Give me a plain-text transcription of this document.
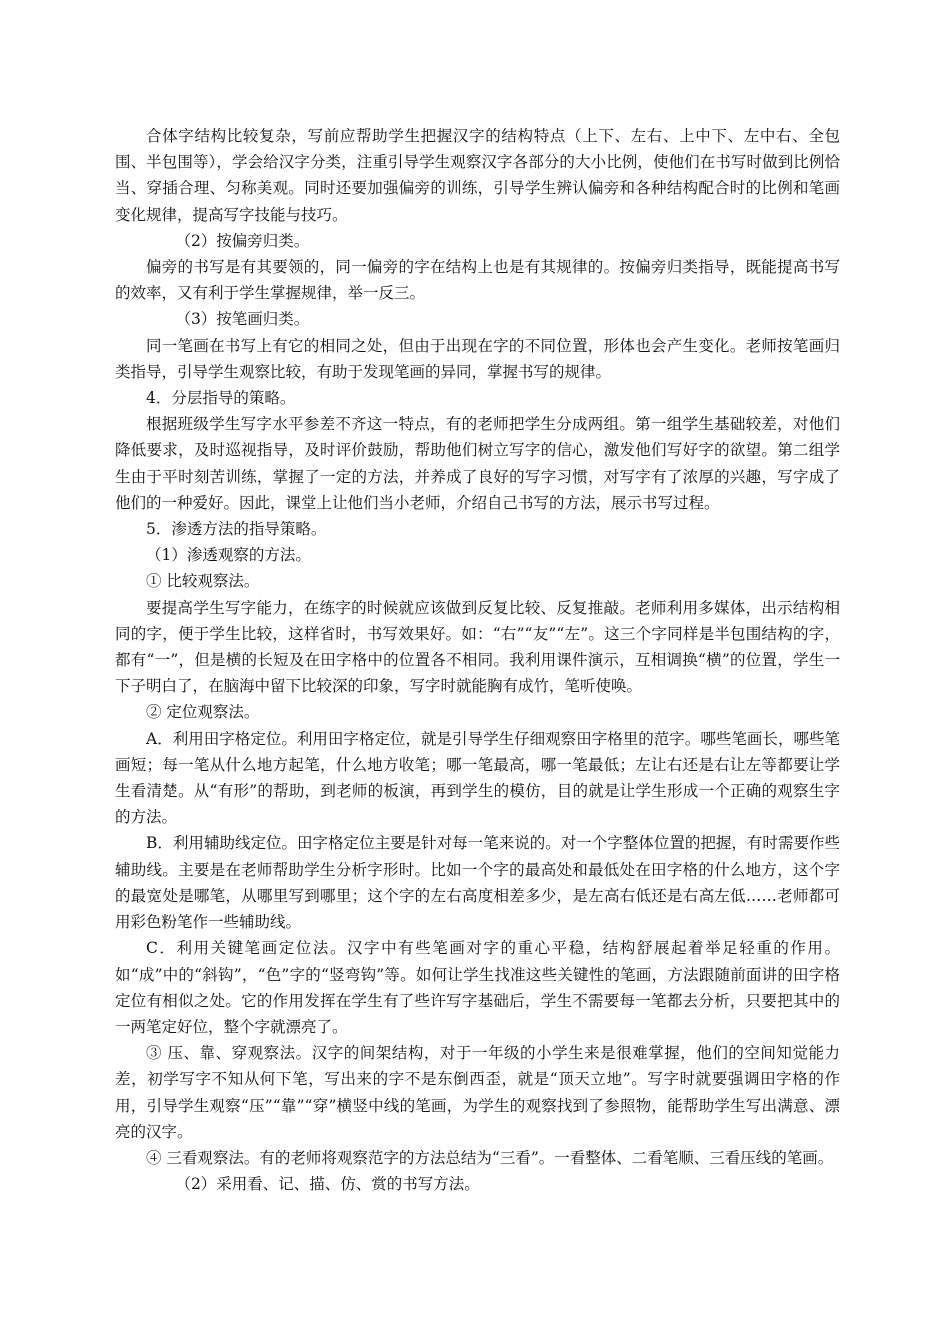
合体字结构比较复杂，写前应帮助学生把握汉字的结构特点（上下、左右、上中下、左中右、全包围、半包围等），学会给汉字分类，注重引导学生观察汉字各部分的大小比例，使他们在书写时做到比例恰当、穿插合理、匀称美观。同时还要加强偏旁的训练，引导学生辨认偏旁和各种结构配合时的比例和笔画变化规律，提高写字技能与技巧。

（2）按偏旁归类。

偏旁的书写是有其要领的，同一偏旁的字在结构上也是有其规律的。按偏旁归类指导，既能提高书写的效率，又有利于学生掌握规律，举一反三。

（3）按笔画归类。

同一笔画在书写上有它的相同之处，但由于出现在字的不同位置，形体也会产生变化。老师按笔画归类指导，引导学生观察比较，有助于发现笔画的异同，掌握书写的规律。

4．分层指导的策略。

根据班级学生写字水平参差不齐这一特点，有的老师把学生分成两组。第一组学生基础较差，对他们降低要求，及时巡视指导，及时评价鼓励，帮助他们树立写字的信心，激发他们写好字的欲望。第二组学生由于平时刻苦训练，掌握了一定的方法，并养成了良好的写字习惯，对写字有了浓厚的兴趣，写字成了他们的一种爱好。因此，课堂上让他们当小老师，介绍自己书写的方法，展示书写过程。

5．渗透方法的指导策略。

（1）渗透观察的方法。

① 比较观察法。

要提高学生写字能力，在练字的时候就应该做到反复比较、反复推敲。老师利用多媒体，出示结构相同的字，便于学生比较，这样省时，书写效果好。如：“右”“友”“左”。这三个字同样是半包围结构的字，都有“一”，但是横的长短及在田字格中的位置各不相同。我利用课件演示，互相调换“横”的位置，学生一下子明白了，在脑海中留下比较深的印象，写字时就能胸有成竹，笔听使唤。

② 定位观察法。

A．利用田字格定位。利用田字格定位，就是引导学生仔细观察田字格里的范字。哪些笔画长，哪些笔画短；每一笔从什么地方起笔，什么地方收笔；哪一笔最高，哪一笔最低；左让右还是右让左等都要让学生看清楚。从“有形”的帮助，到老师的板演，再到学生的模仿，目的就是让学生形成一个正确的观察生字的方法。

B．利用辅助线定位。田字格定位主要是针对每一笔来说的。对一个字整体位置的把握，有时需要作些辅助线。主要是在老师帮助学生分析字形时。比如一个字的最高处和最低处在田字格的什么地方，这个字的最宽处是哪笔，从哪里写到哪里；这个字的左右高度相差多少，是左高右低还是右高左低……老师都可用彩色粉笔作一些辅助线。

C．利用关键笔画定位法。汉字中有些笔画对字的重心平稳，结构舒展起着举足轻重的作用。如“成”中的“斜钩”，“色”字的“竖弯钩”等。如何让学生找准这些关键性的笔画，方法跟随前面讲的田字格定位有相似之处。它的作用发挥在学生有了些许写字基础后，学生不需要每一笔都去分析，只要把其中的一两笔定好位，整个字就漂亮了。

③ 压、靠、穿观察法。汉字的间架结构，对于一年级的小学生来是很难掌握，他们的空间知觉能力差，初学写字不知从何下笔，写出来的字不是东倒西歪，就是“顶天立地”。写字时就要强调田字格的作用，引导学生观察“压”“靠”“穿”横竖中线的笔画，为学生的观察找到了参照物，能帮助学生写出满意、漂亮的汉字。

④ 三看观察法。有的老师将观察范字的方法总结为“三看”。一看整体、二看笔顺、三看压线的笔画。

（2）采用看、记、描、仿、赏的书写方法。
